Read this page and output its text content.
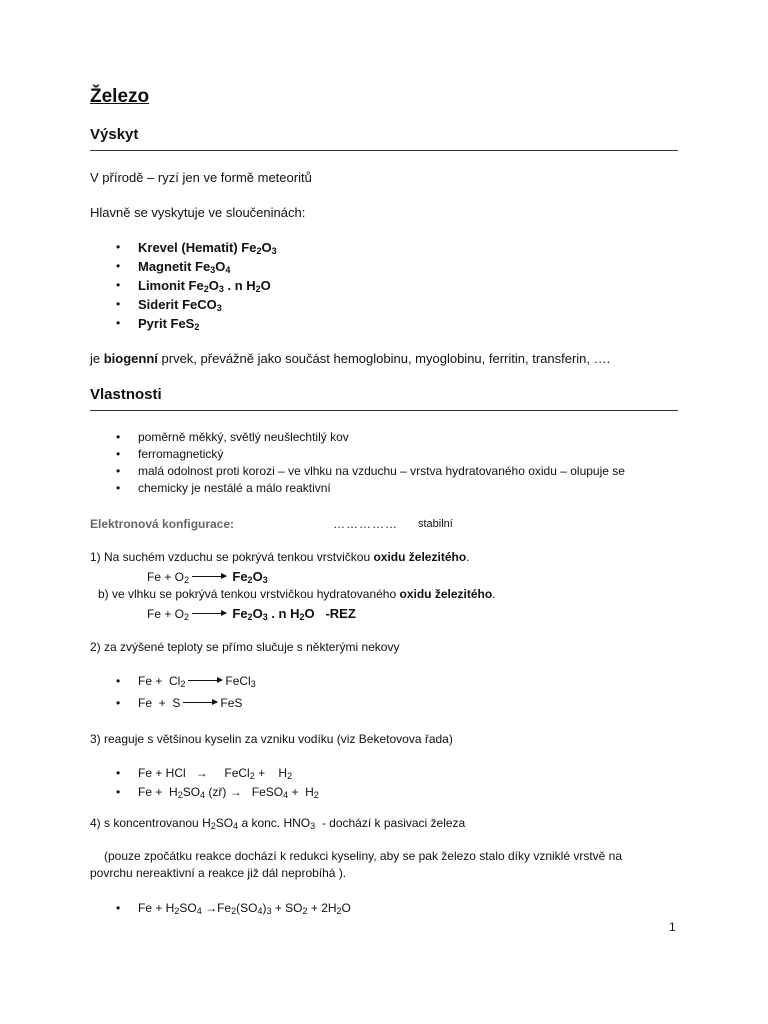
Železo
Výskyt
V přírodě – ryzí jen ve formě meteoritů
Hlavně se vyskytuje ve sloučeninách:
• Krevel (Hematit) $Fe_2O_3$
• Magnetit $Fe_3O_4$
• Limonit $Fe_2O_3$ . n $H_2O$
• Siderit FeCO$_3$
• Pyrit FeS$_2$
je biogenní prvek, převážně jako součást hemoglobinu, myoglobinu, ferritin, transferin, ….
Vlastnosti
• poměrně měkký, světlý neušlechtilý kov
• ferromagnetický
• malá odolnost proti korozi – ve vlhku na vzduchu – vrstva hydratovaného oxidu – olupuje se
• chemicky je nestálé a málo reaktivní
Elektronová konfigurace:	…………… stabilní
1) Na suchém vzduchu se pokrývá tenkou vrstvičkou oxidu železitého.
$Fe + O_2$	$Fe_2O_3$
b) ve vlhku se pokrývá tenkou vrstvičkou hydratovaného oxidu železitého.
$Fe + O_2$	$Fe_2O_3$ . n $H_2O$   -REZ
2) za zvýšené teploty se přímo slučuje s některými nekovy
• $Fe + Cl_2$	FeCl$_3$
• Fe  +  S	FeS
3) reaguje s většinou kyselin za vzniku vodíku (viz Beketovova řada)
• Fe + HCl → FeCl$_2$ +    $H_2$
• $Fe + H_2SO_4$ (zř) → FeSO$_4$ +  $H_2$
4) s koncentrovanou $H_2SO_4$ a konc. $HNO_3$  - dochází k pasivaci železa
(pouze zpočátku reakce dochází k redukci kyseliny, aby se pak železo stalo díky vzniklé vrstvě na
povrchu nereaktivní a reakce již dál neprobíhá ).
• $Fe + H_2SO_4 \to Fe_2(SO_4)_3 + SO_2 + 2H_2O$
1
